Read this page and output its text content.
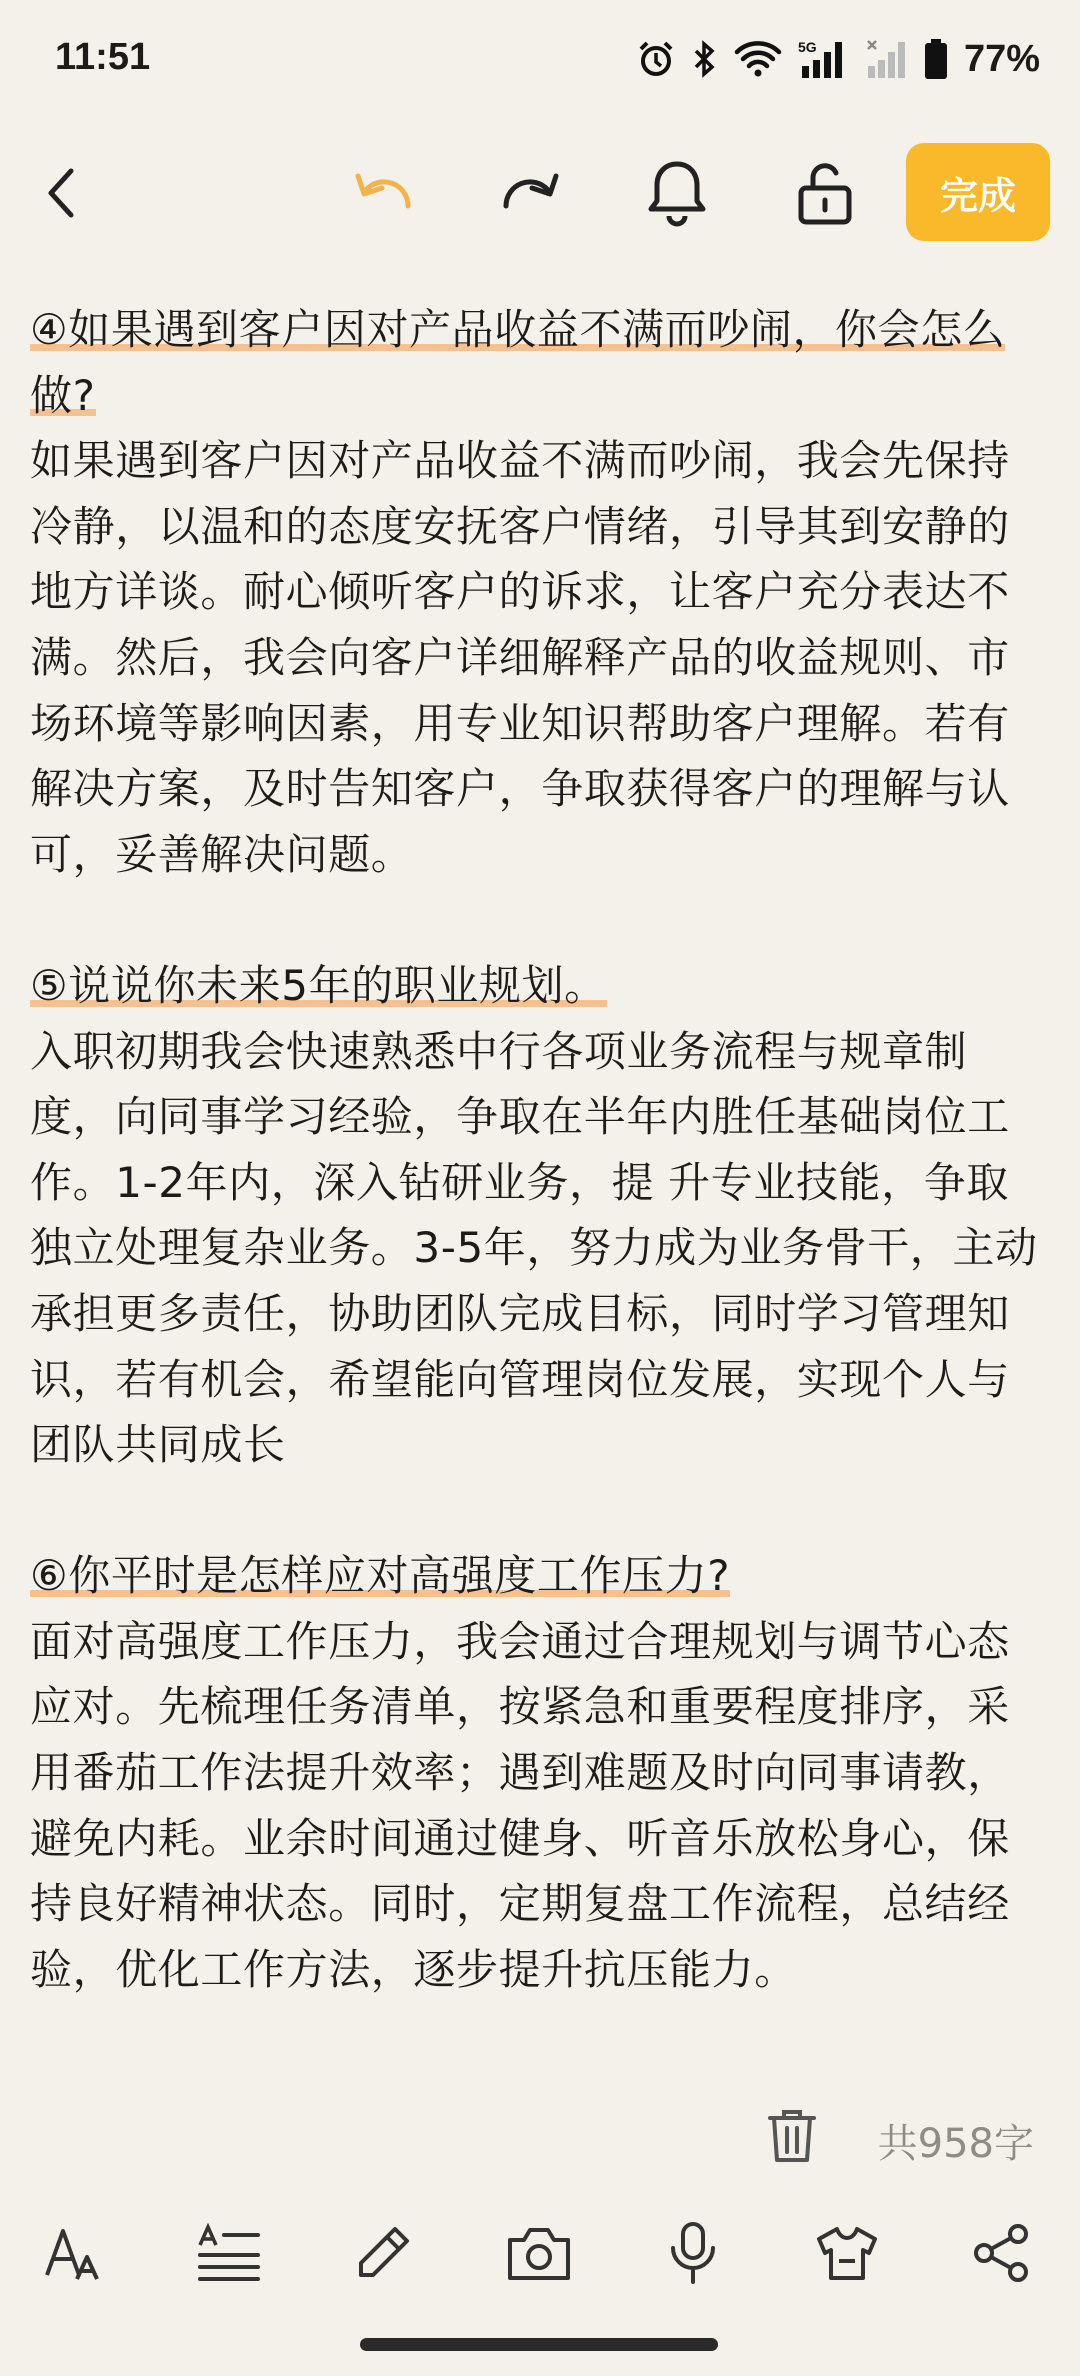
11:51	5G	77%
完成

④如果遇到客户因对产品收益不满而吵闹，你会怎么做?

如果遇到客户因对产品收益不满而吵闹，我会先保持冷静，以温和的态度安抚客户情绪，引导其到安静的地方详谈。耐心倾听客户的诉求，让客户充分表达不满。然后，我会向客户详细解释产品的收益规则、市场环境等影响因素，用专业知识帮助客户理解。若有解决方案，及时告知客户，争取获得客户的理解与认可，妥善解决问题。

⑤说说你未来5年的职业规划。

入职初期我会快速熟悉中行各项业务流程与规章制度，向同事学习经验，争取在半年内胜任基础岗位工作。1-2年内，深入钻研业务，提 升专业技能，争取独立处理复杂业务。3-5年，努力成为业务骨干，主动承担更多责任，协助团队完成目标，同时学习管理知识，若有机会，希望能向管理岗位发展，实现个人与团队共同成长

⑥你平时是怎样应对高强度工作压力?

面对高强度工作压力，我会通过合理规划与调节心态应对。先梳理任务清单，按紧急和重要程度排序，采用番茄工作法提升效率；遇到难题及时向同事请教，避免内耗。业余时间通过健身、听音乐放松身心，保持良好精神状态。同时，定期复盘工作流程，总结经验，优化工作方法，逐步提升抗压能力。

共958字
